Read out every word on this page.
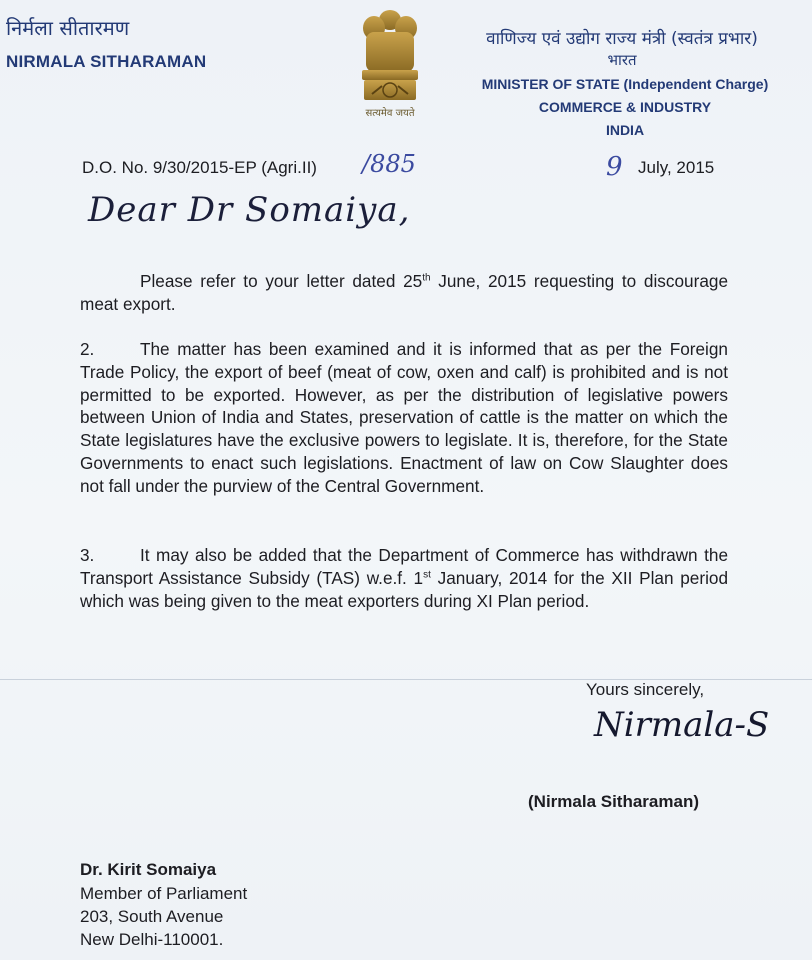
निर्मला सीतारमण
NIRMALA SITHARAMAN
सत्यमेव जयते
वाणिज्य एवं उद्योग राज्य मंत्री (स्वतंत्र प्रभार)
भारत
MINISTER OF STATE (Independent Charge)
COMMERCE & INDUSTRY
INDIA
D.O. No. 9/30/2015-EP (Agri.II) /885	9 July, 2015
Dear Dr Somaiya,
Please refer to your letter dated 25th June, 2015 requesting to discourage meat export.
2.	The matter has been examined and it is informed that as per the Foreign Trade Policy, the export of beef (meat of cow, oxen and calf) is prohibited and is not permitted to be exported. However, as per the distribution of legislative powers between Union of India and States, preservation of cattle is the matter on which the State legislatures have the exclusive powers to legislate. It is, therefore, for the State Governments to enact such legislations. Enactment of law on Cow Slaughter does not fall under the purview of the Central Government.
3.	It may also be added that the Department of Commerce has withdrawn the Transport Assistance Subsidy (TAS) w.e.f. 1st January, 2014 for the XII Plan period which was being given to the meat exporters during XI Plan period.
Yours sincerely,
Nirmala-S
(Nirmala Sitharaman)
Dr. Kirit Somaiya
Member of Parliament
203, South Avenue
New Delhi-110001.
